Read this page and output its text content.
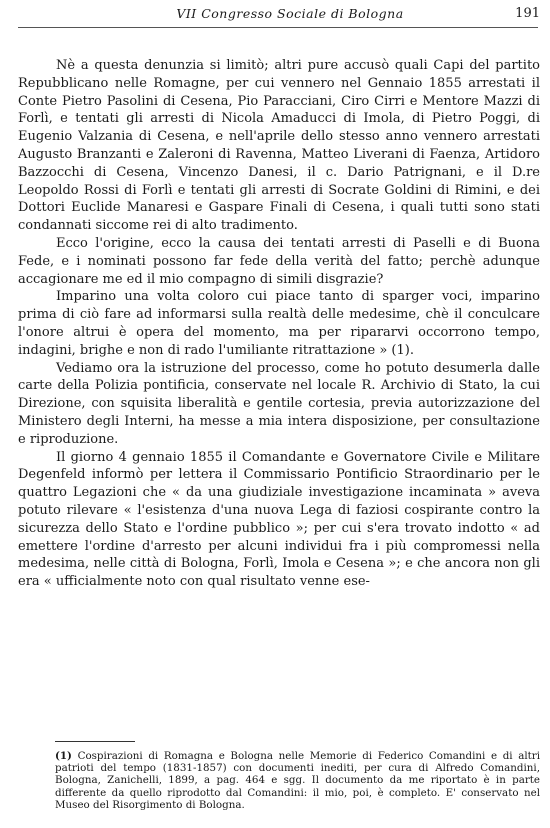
VII Congresso Sociale di Bologna	191

Nè a questa denunzia si limitò; altri pure accusò quali Capi del partito Repubblicano nelle Romagne, per cui vennero nel Gennaio 1855 arrestati il Conte Pietro Pasolini di Cesena, Pio Paracciani, Ciro Cirri e Mentore Mazzi di Forlì, e tentati gli arresti di Nicola Amaducci di Imola, di Pietro Poggi, di Eugenio Valzania di Cesena, e nell'aprile dello stesso anno vennero arrestati Augusto Branzanti e Zaleroni di Ravenna, Matteo Liverani di Faenza, Artidoro Bazzocchi di Cesena, Vincenzo Danesi, il c. Dario Patrignani, e il D.re Leopoldo Rossi di Forlì e tentati gli arresti di Socrate Goldini di Rimini, e dei Dottori Euclide Manaresi e Gaspare Finali di Cesena, i quali tutti sono stati condannati siccome rei di alto tradimento.

Ecco l'origine, ecco la causa dei tentati arresti di Paselli e di Buona Fede, e i nominati possono far fede della verità del fatto; perchè adunque accagionare me ed il mio compagno di simili disgrazie?

Imparino una volta coloro cui piace tanto di sparger voci, imparino prima di ciò fare ad informarsi sulla realtà delle medesime, chè il conculcare l'onore altrui è opera del momento, ma per ripararvi occorrono tempo, indagini, brighe e non di rado l'umiliante ritrattazione » (1).

Vediamo ora la istruzione del processo, come ho potuto desumerla dalle carte della Polizia pontificia, conservate nel locale R. Archivio di Stato, la cui Direzione, con squisita liberalità e gentile cortesia, previa autorizzazione del Ministero degli Interni, ha messe a mia intera disposizione, per consultazione e riproduzione.

Il giorno 4 gennaio 1855 il Comandante e Governatore Civile e Militare Degenfeld informò per lettera il Commissario Pontificio Straordinario per le quattro Legazioni che « da una giudiziale investigazione incaminata » aveva potuto rilevare « l'esistenza d'una nuova Lega di faziosi cospirante contro la sicurezza dello Stato e l'ordine pubblico »; per cui s'era trovato indotto « ad emettere l'ordine d'arresto per alcuni individui fra i più compromessi nella medesima, nelle città di Bologna, Forlì, Imola e Cesena »; e che ancora non gli era « ufficialmente noto con qual risultato venne ese-

(1) Cospirazioni di Romagna e Bologna nelle Memorie di Federico Comandini e di altri patrioti del tempo (1831-1857) con documenti inediti, per cura di Alfredo Comandini, Bologna, Zanichelli, 1899, a pag. 464 e sgg. Il documento da me riportato è in parte differente da quello riprodotto dal Comandini: il mio, poi, è completo. E' conservato nel Museo del Risorgimento di Bologna.
